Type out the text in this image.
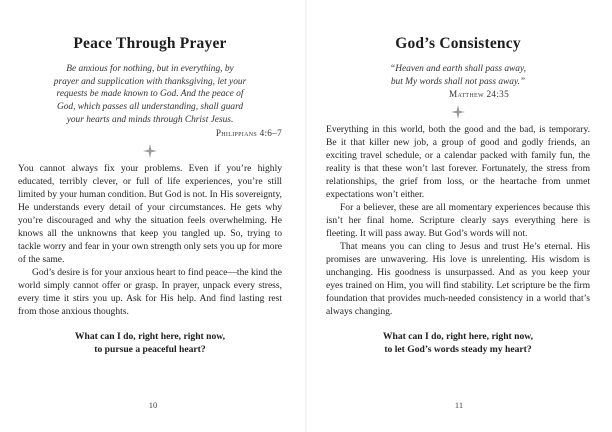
Peace Through Prayer
Be anxious for nothing, but in everything, by
prayer and supplication with thanksgiving, let your
requests be made known to God. And the peace of
God, which passes all understanding, shall guard
your hearts and minds through Christ Jesus.
Philippians 4:6–7

You cannot always fix your problems. Even if you’re highly educated, terribly clever, or full of life experiences, you’re still limited by your human condition. But God is not. In His sovereignty, He understands every detail of your circumstances. He gets why you’re discouraged and why the situation feels overwhelming. He knows all the unknowns that keep you tangled up. So, trying to tackle worry and fear in your own strength only sets you up for more of the same.

God’s desire is for your anxious heart to find peace—the kind the world simply cannot offer or grasp. In prayer, unpack every stress, every time it stirs you up. Ask for His help. And find lasting rest from those anxious thoughts.

What can I do, right here, right now,
to pursue a peaceful heart?
10
God’s Consistency
“Heaven and earth shall pass away,
but My words shall not pass away.”
Matthew 24:35

Everything in this world, both the good and the bad, is temporary. Be it that killer new job, a group of good and godly friends, an exciting travel schedule, or a calendar packed with family fun, the reality is that these won’t last forever. Fortunately, the stress from relationships, the grief from loss, or the heartache from unmet expectations won’t either.

For a believer, these are all momentary experiences because this isn’t her final home. Scripture clearly says everything here is fleeting. It will pass away. But God’s words will not.

That means you can cling to Jesus and trust He’s eternal. His promises are unwavering. His love is unrelenting. His wisdom is unchanging. His goodness is unsurpassed. And as you keep your eyes trained on Him, you will find stability. Let scripture be the firm foundation that provides much-needed consistency in a world that’s always changing.

What can I do, right here, right now,
to let God’s words steady my heart?
11
